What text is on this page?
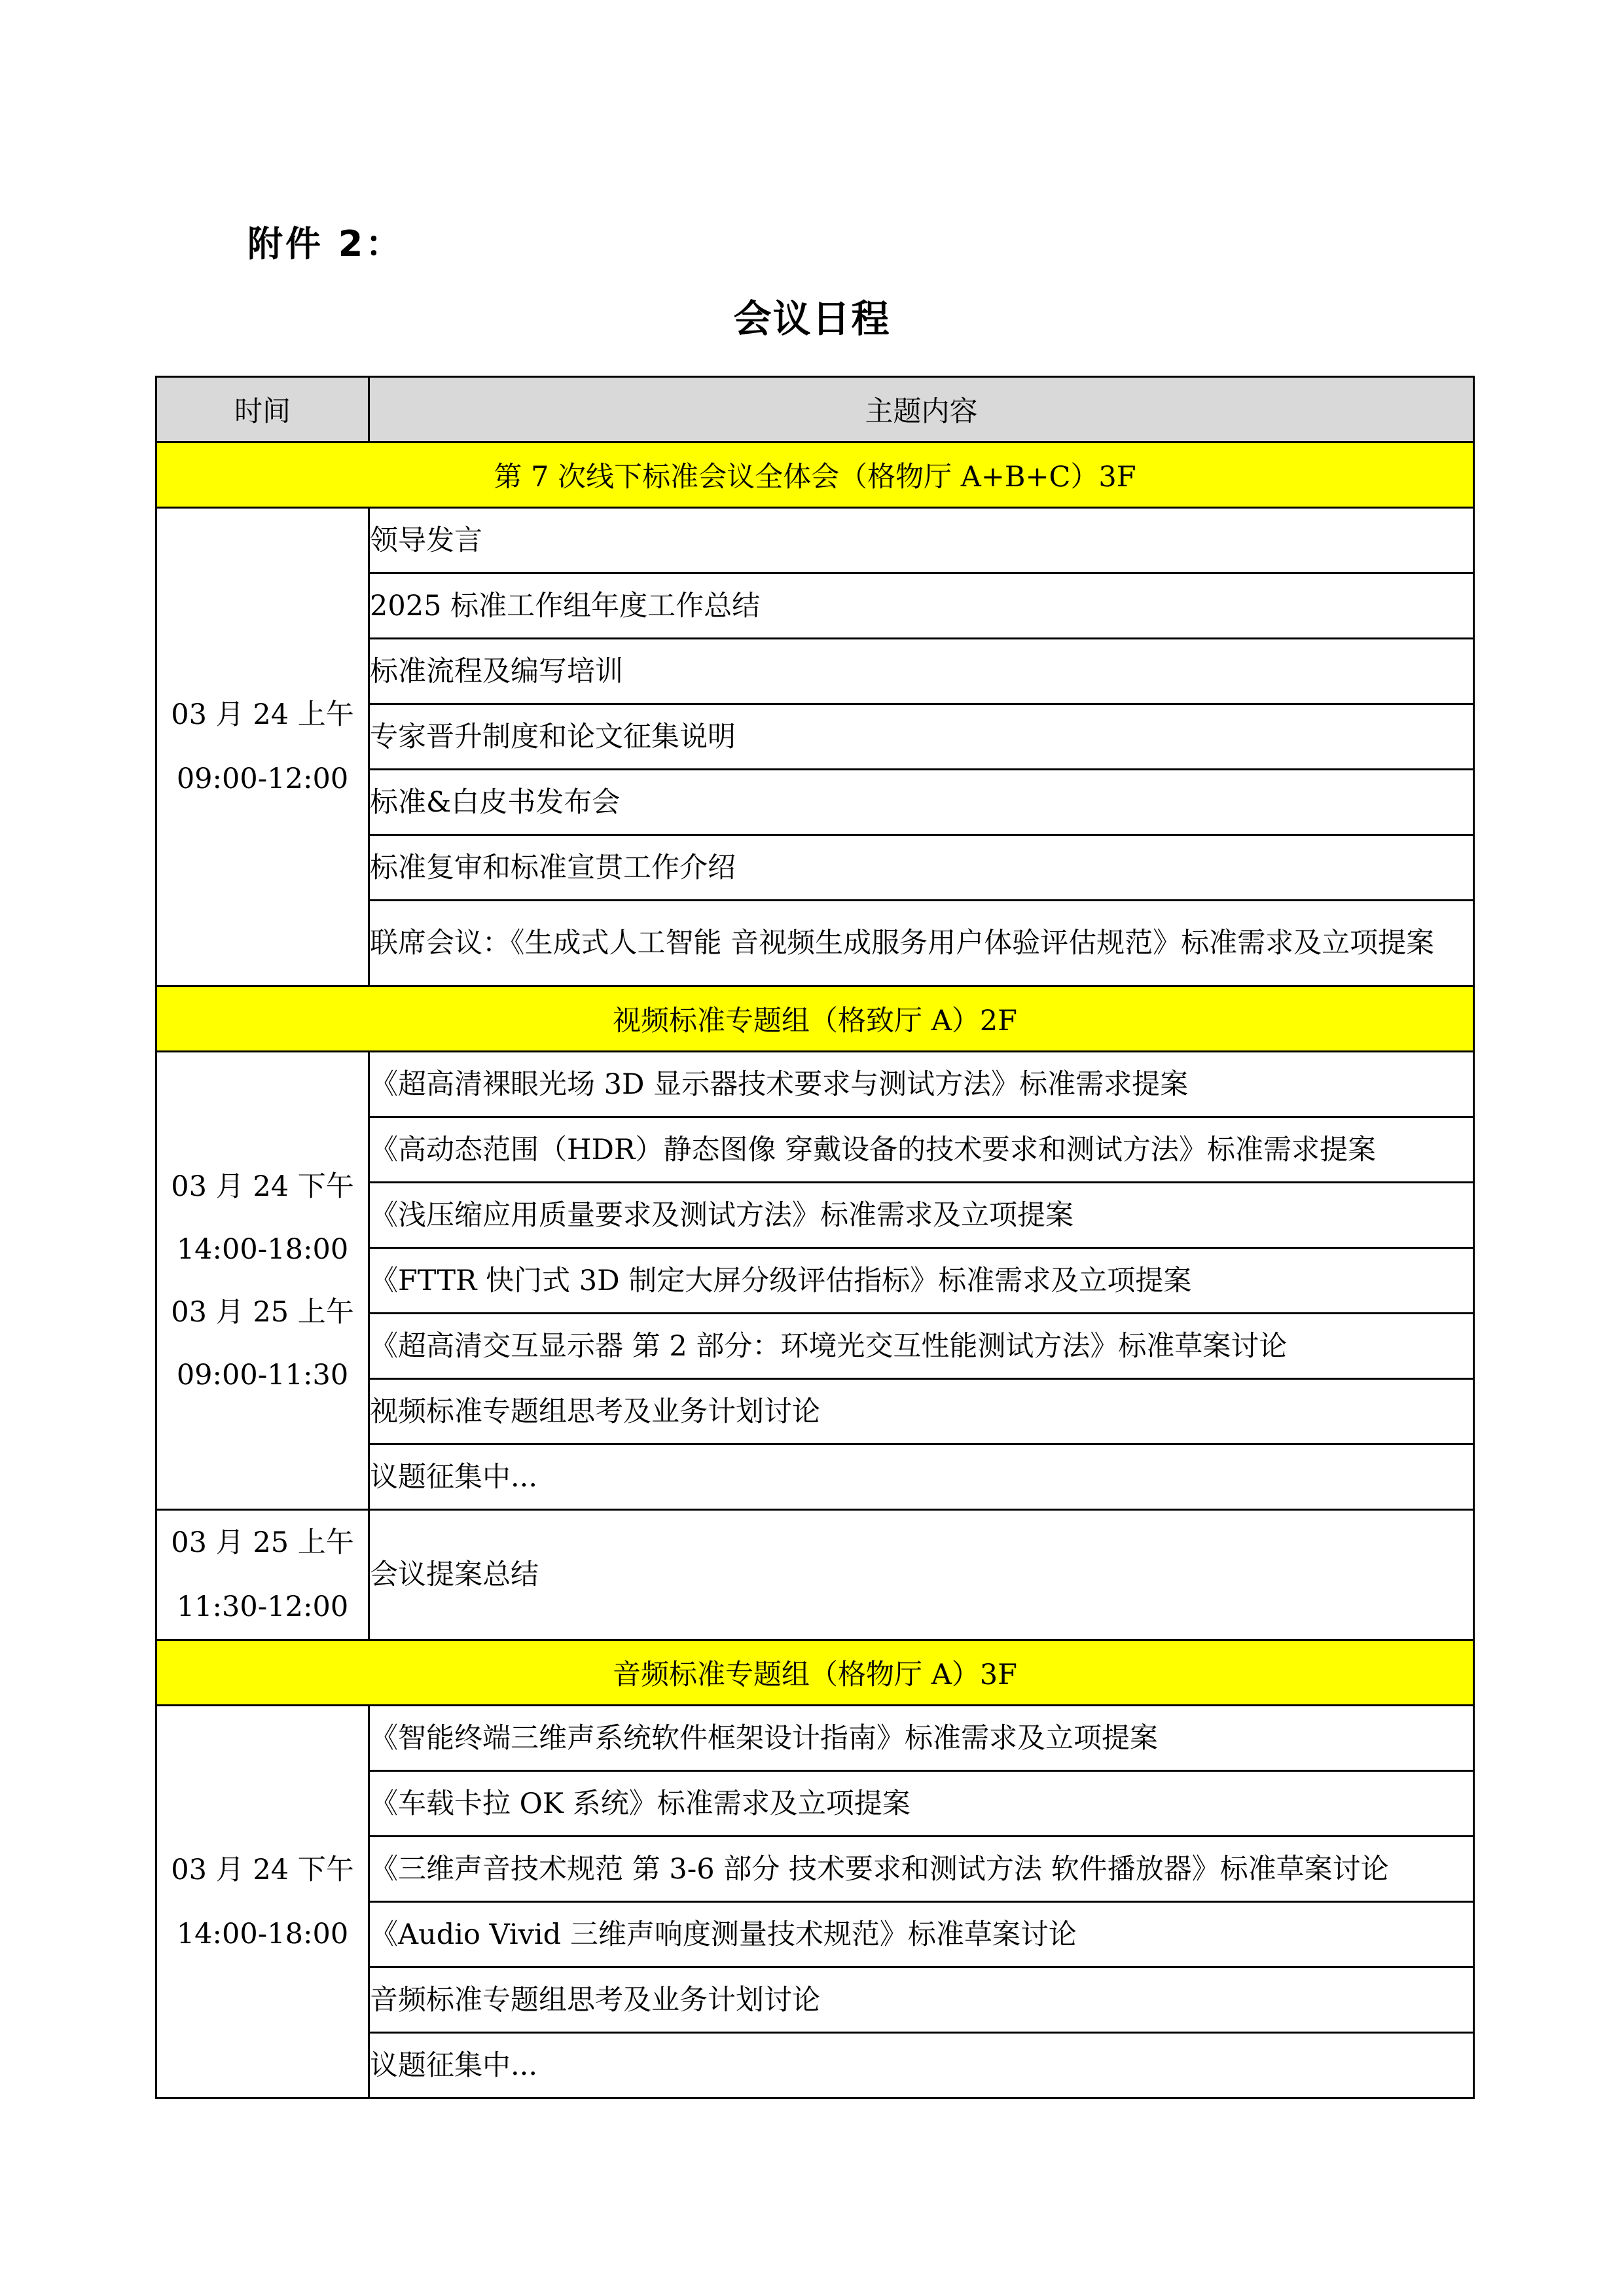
附件 2：
会议日程
时间	主题内容
第 7 次线下标准会议全体会（格物厅 A+B+C）3F	

03 月 24 上午
09:00-12:00	领导发言
	2025 标准工作组年度工作总结
	标准流程及编写培训
	专家晋升制度和论文征集说明
	标准&白皮书发布会
	标准复审和标准宣贯工作介绍
	联席会议：《生成式人工智能 音视频生成服务用户体验评估规范》标准需求及立项提案
视频标准专题组（格致厅 A）2F	

03 月 24 下午
14:00-18:00
03 月 25 上午
09:00-11:30	《超高清裸眼光场 3D 显示器技术要求与测试方法》标准需求提案
	《高动态范围（HDR）静态图像 穿戴设备的技术要求和测试方法》标准需求提案
	《浅压缩应用质量要求及测试方法》标准需求及立项提案
	《FTTR 快门式 3D 制定大屏分级评估指标》标准需求及立项提案
	《超高清交互显示器 第 2 部分：环境光交互性能测试方法》标准草案讨论
	视频标准专题组思考及业务计划讨论
	议题征集中...

03 月 25 上午
11:30-12:00	会议提案总结
音频标准专题组（格物厅 A）3F	

03 月 24 下午
14:00-18:00	《智能终端三维声系统软件框架设计指南》标准需求及立项提案
	《车载卡拉 OK 系统》标准需求及立项提案
	《三维声音技术规范 第 3-6 部分 技术要求和测试方法 软件播放器》标准草案讨论
	《Audio Vivid 三维声响度测量技术规范》标准草案讨论
	音频标准专题组思考及业务计划讨论
	议题征集中...
